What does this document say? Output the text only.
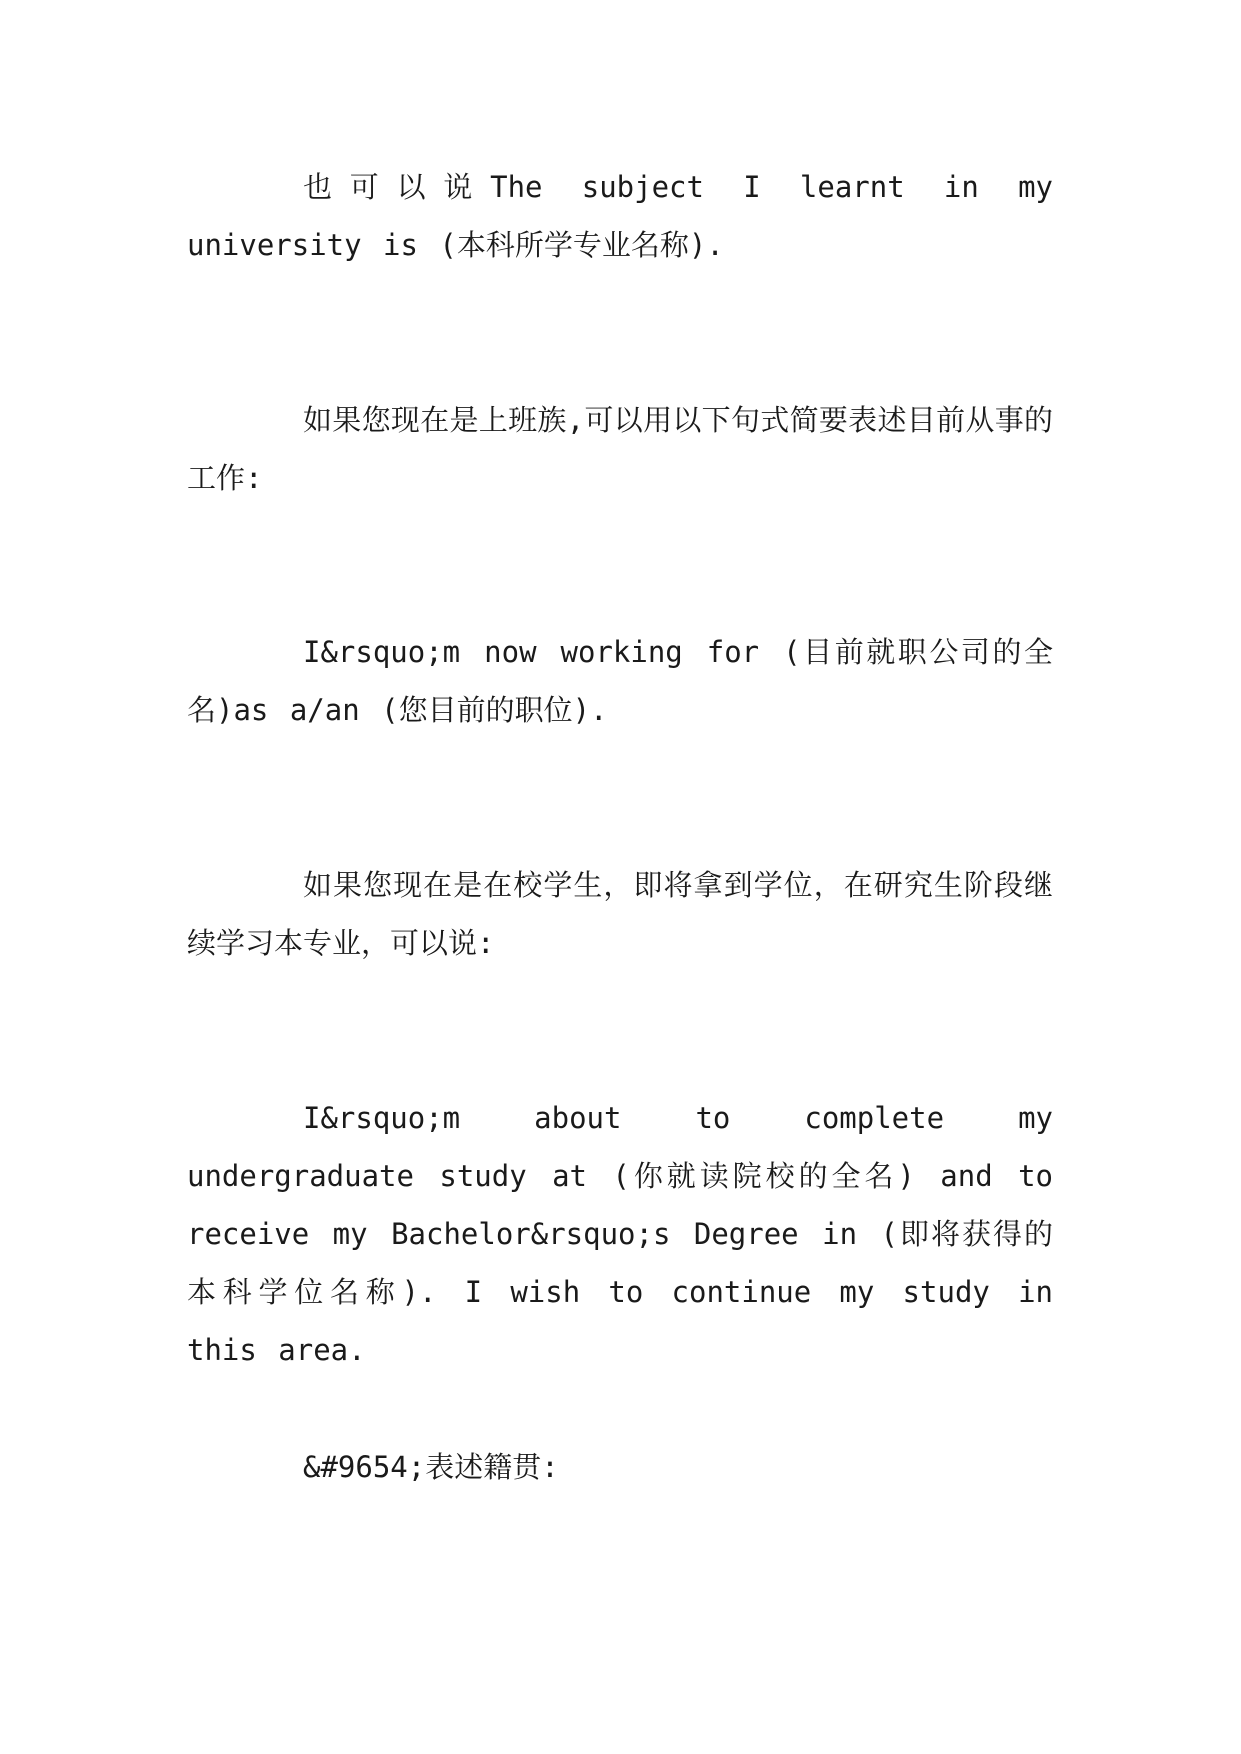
也可以说The subject I learnt in my university is (本科所学专业名称).

如果您现在是上班族,可以用以下句式简要表述目前从事的工作:

I&rsquo;m now working for (目前就职公司的全名)as a/an (您目前的职位).

如果您现在是在校学生，即将拿到学位，在研究生阶段继续学习本专业，可以说:

I&rsquo;m about to complete my undergraduate study at (你就读院校的全名) and to receive my Bachelor&rsquo;s Degree in (即将获得的本科学位名称). I wish to continue my study in this area.

&#9654;表述籍贯:
